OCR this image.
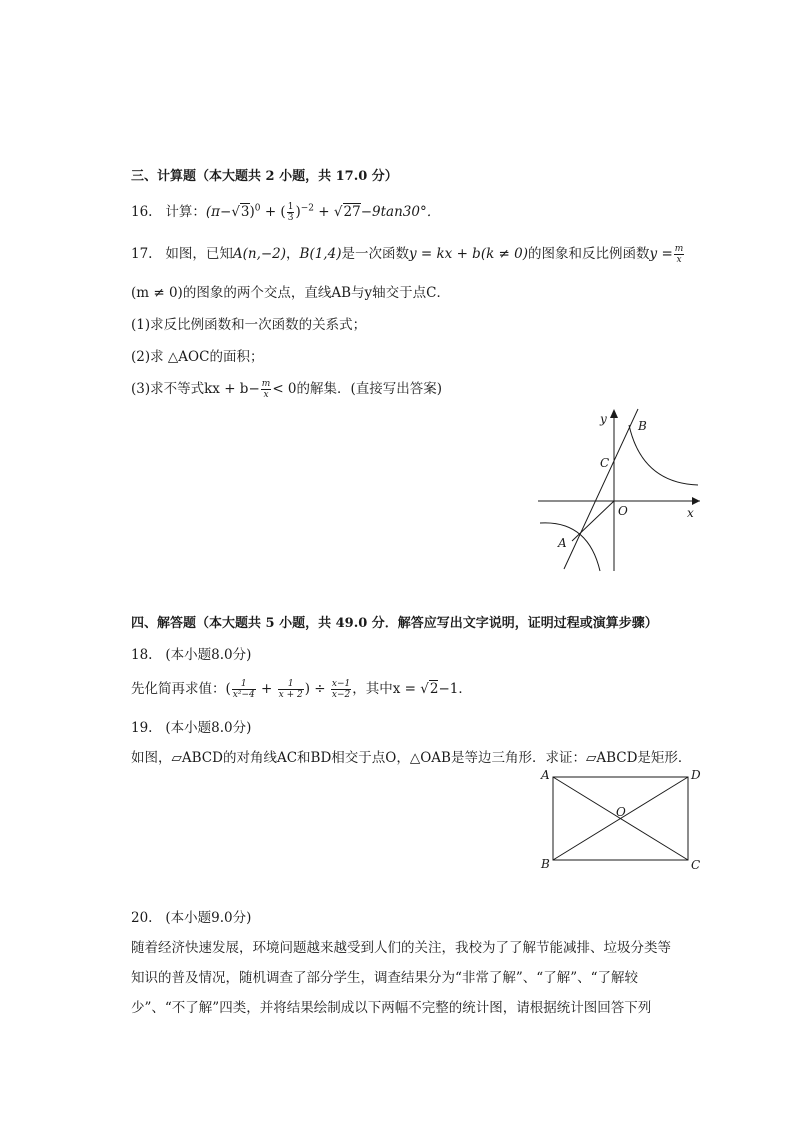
三、计算题（本大题共 2 小题，共 17.0 分）
16. 计算：$(\pi-√3)^0$ + ( $\frac{1}{3} )^{-2} + √27-9\tan 30^\circ$．
17. 如图，已知A(n,−2)，B(1,4)是一次函数y = kx + b(k ≠ 0)的图象和反比例函数$y = \frac{m}{x}$
(m ≠ 0)的图象的两个交点，直线AB与y轴交于点C．
(1)求反比例函数和一次函数的关系式；
(2)求 △AOC的面积；
(3)求不等式kx + $b- \frac{m}{x} < 0$的解集．(直接写出答案)
y
x
O
A
B
C
四、解答题（本大题共 5 小题，共 49.0 分．解答应写出文字说明，证明过程或演算步骤）
18. (本小题8.0分)
先化简再求值：( $\frac{1}{\text{x²−4}} + \frac{1}{x + 2}$ ) ÷ $\frac{x-1}{x-2}$ ，其中x = √2−1．
19. (本小题8.0分)
如图，▱ABCD的对角线AC和BD相交于点O，△OAB是等边三角形．求证：▱ABCD是矩形．
A	D
O
B	C
20. (本小题9.0分)
随着经济快速发展，环境问题越来越受到人们的关注，我校为了了解节能减排、垃圾分类等
知识的普及情况，随机调查了部分学生，调查结果分为“非常了解”、“了解”、“了解较
少”、“不了解”四类，并将结果绘制成以下两幅不完整的统计图，请根据统计图回答下列
